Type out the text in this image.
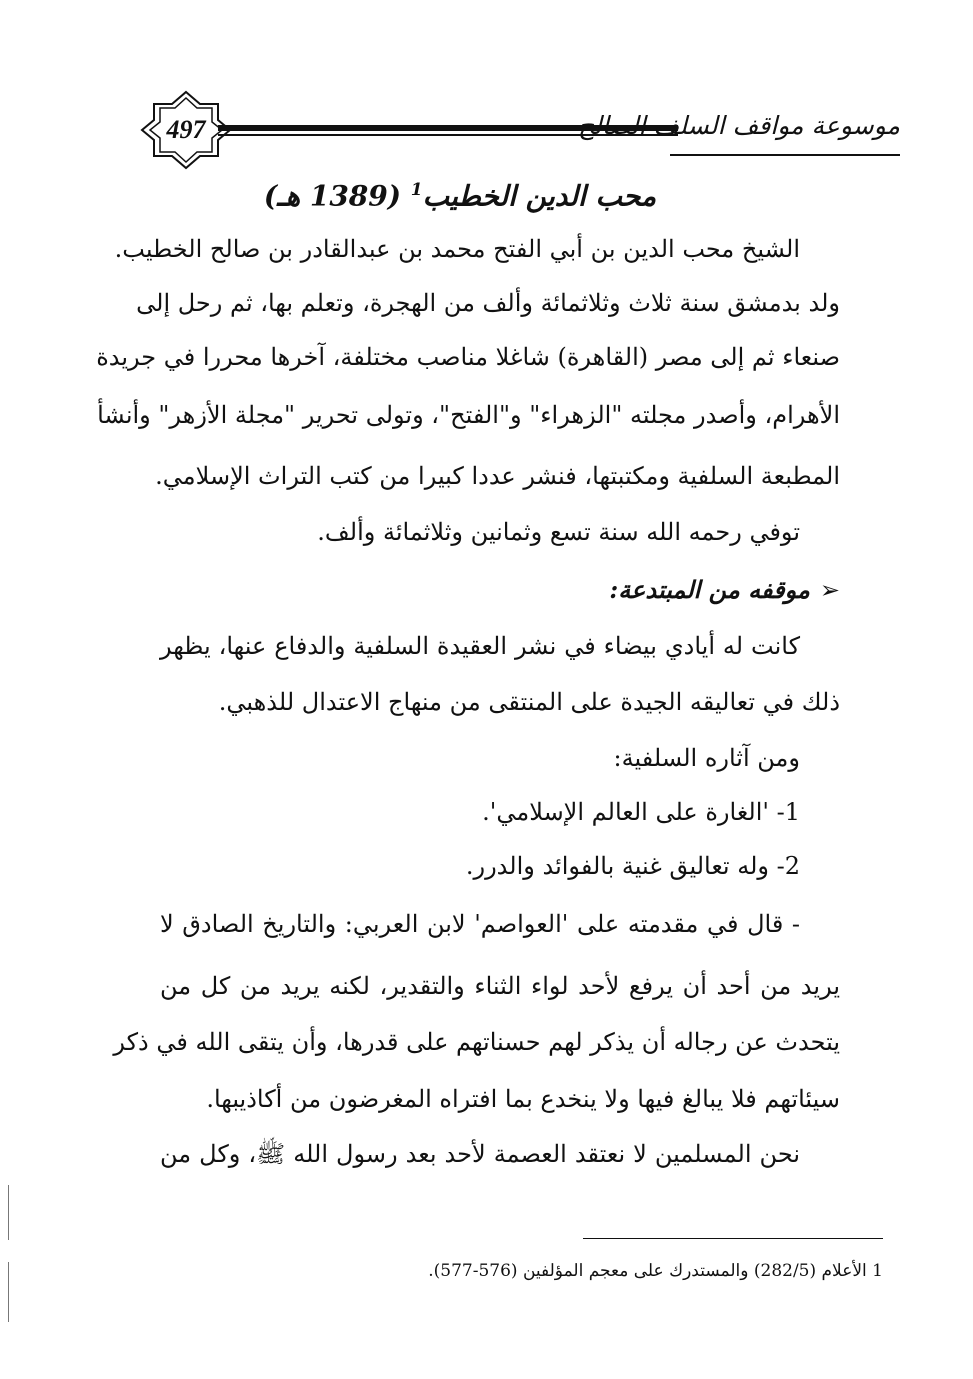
497	موسوعة مواقف السلف الصالح
محب الدين الخطيب$^1$ (1389 هـ)
الشيخ محب الدين بن أبي الفتح محمد بن عبدالقادر بن صالح الخطيب.
ولد بدمشق سنة ثلاث وثلاثمائة وألف من الهجرة، وتعلم بها، ثم رحل إلى
صنعاء ثم إلى مصر (القاهرة) شاغلا مناصب مختلفة، آخرها محررا في جريدة
الأهرام، وأصدر مجلته "الزهراء" و"الفتح"، وتولى تحرير "مجلة الأزهر" وأنشأ
المطبعة السلفية ومكتبتها، فنشر عددا كبيرا من كتب التراث الإسلامي.
توفي رحمه الله سنة تسع وثمانين وثلاثمائة وألف.
➢موقفه من المبتدعة:
كانت له أيادي بيضاء في نشر العقيدة السلفية والدفاع عنها، يظهر
ذلك في تعاليقه الجيدة على المنتقى من منهاج الاعتدال للذهبي.
ومن آثاره السلفية:
1- 'الغارة على العالم الإسلامي'.
2- وله تعاليق غنية بالفوائد والدرر.
- قال في مقدمته على 'العواصم' لابن العربي: والتاريخ الصادق لا
يريد من أحد أن يرفع لأحد لواء الثناء والتقدير، لكنه يريد من كل من
يتحدث عن رجاله أن يذكر لهم حسناتهم على قدرها، وأن يتقى الله في ذكر
سيئاتهم فلا يبالغ فيها ولا ينخدع بما افتراه المغرضون من أكاذيبها.
نحن المسلمين لا نعتقد العصمة لأحد بعد رسول الله ﷺ، وكل من
1 الأعلام (282/5) والمستدرك على معجم المؤلفين (576-577).
